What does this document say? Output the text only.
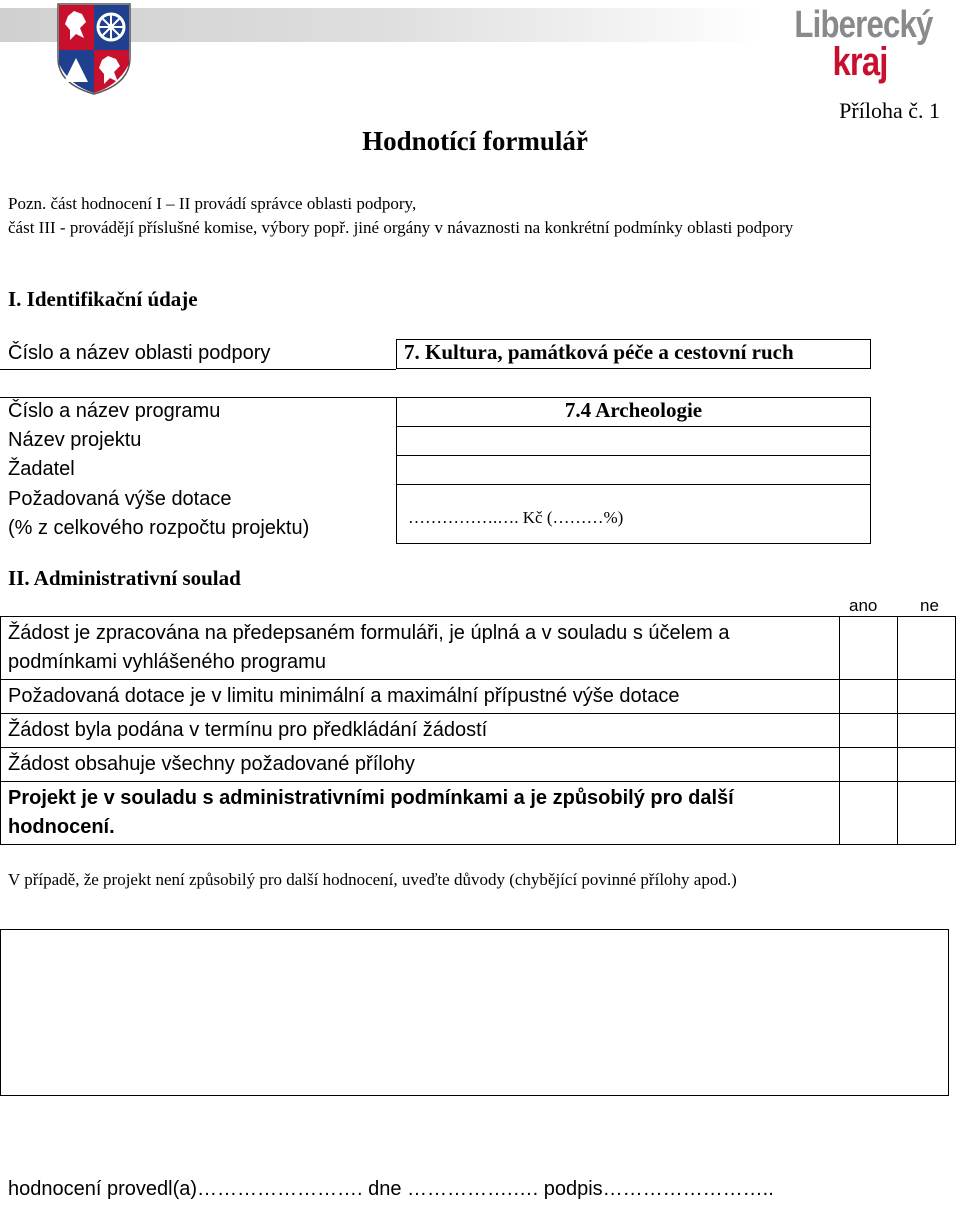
Liberecký
kraj
Příloha č. 1
Hodnotící formulář
Pozn. část hodnocení I – II provádí správce oblasti podpory,
část III - provádějí příslušné komise, výbory popř. jiné orgány v návaznosti na konkrétní podmínky oblasti podpory
I. Identifikační údaje
Číslo a název oblasti podpory	7. Kultura, památková péče a cestovní ruch
Číslo a název programu	7.4 Archeologie
Název projektu
Žadatel
Požadovaná výše dotace
(% z celkového rozpočtu projektu)	…………….…. Kč (………%)
II. Administrativní soulad
ano	ne
Žádost je zpracována na předepsaném formuláři, je úplná a v souladu s účelem a podmínkami vyhlášeného programu		
Požadovaná dotace je v limitu minimální a maximální přípustné výše dotace		
Žádost byla podána v termínu pro předkládání žádostí		
Žádost obsahuje všechny požadované přílohy		
Projekt je v souladu s administrativními podmínkami a je způsobilý pro další hodnocení.		
V případě, že projekt není způsobilý pro další hodnocení, uveďte důvody (chybějící povinné přílohy apod.)
hodnocení provedl(a)……………………. dne …………….…. podpis……………………..
